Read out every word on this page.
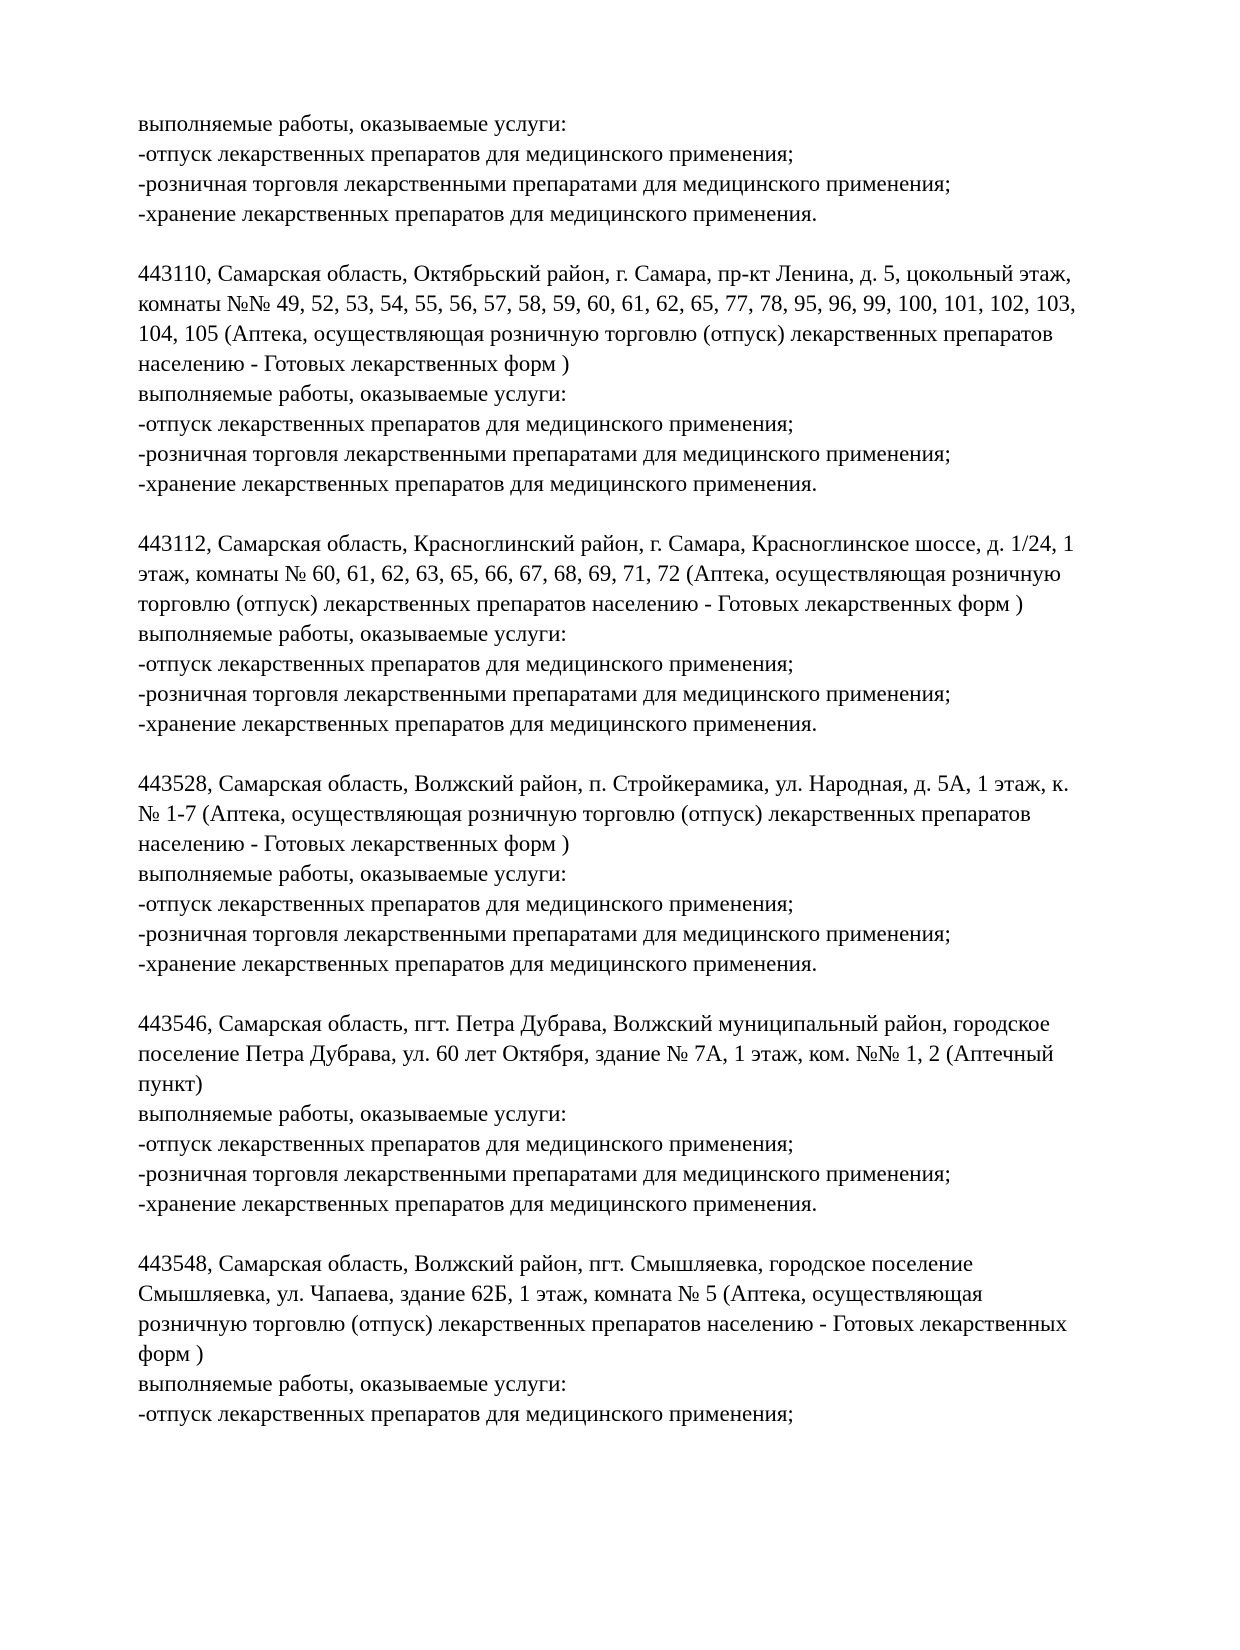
выполняемые работы, оказываемые услуги:
-отпуск лекарственных препаратов для медицинского применения;
-розничная торговля лекарственными препаратами для медицинского применения;
-хранение лекарственных препаратов для медицинского применения.
443110, Самарская область, Октябрьский район, г. Самара, пр-кт Ленина, д. 5, цокольный этаж,
комнаты №№ 49, 52, 53, 54, 55, 56, 57, 58, 59, 60, 61, 62, 65, 77, 78, 95, 96, 99, 100, 101, 102, 103,
104, 105 (Аптека, осуществляющая розничную торговлю (отпуск) лекарственных препаратов
населению - Готовых лекарственных форм )
выполняемые работы, оказываемые услуги:
-отпуск лекарственных препаратов для медицинского применения;
-розничная торговля лекарственными препаратами для медицинского применения;
-хранение лекарственных препаратов для медицинского применения.
443112, Самарская область, Красноглинский район, г. Самара, Красноглинское шоссе, д. 1/24, 1
этаж, комнаты № 60, 61, 62, 63, 65, 66, 67, 68, 69, 71, 72 (Аптека, осуществляющая розничную
торговлю (отпуск) лекарственных препаратов населению - Готовых лекарственных форм )
выполняемые работы, оказываемые услуги:
-отпуск лекарственных препаратов для медицинского применения;
-розничная торговля лекарственными препаратами для медицинского применения;
-хранение лекарственных препаратов для медицинского применения.
443528, Самарская область, Волжский район, п. Стройкерамика, ул. Народная, д. 5А, 1 этаж, к.
№ 1-7 (Аптека, осуществляющая розничную торговлю (отпуск) лекарственных препаратов
населению - Готовых лекарственных форм )
выполняемые работы, оказываемые услуги:
-отпуск лекарственных препаратов для медицинского применения;
-розничная торговля лекарственными препаратами для медицинского применения;
-хранение лекарственных препаратов для медицинского применения.
443546, Самарская область, пгт. Петра Дубрава, Волжский муниципальный район, городское
поселение Петра Дубрава, ул. 60 лет Октября, здание № 7А, 1 этаж, ком. №№ 1, 2 (Аптечный
пункт)
выполняемые работы, оказываемые услуги:
-отпуск лекарственных препаратов для медицинского применения;
-розничная торговля лекарственными препаратами для медицинского применения;
-хранение лекарственных препаратов для медицинского применения.
443548, Самарская область, Волжский район, пгт. Смышляевка, городское поселение
Смышляевка, ул. Чапаева, здание 62Б, 1 этаж, комната № 5 (Аптека, осуществляющая
розничную торговлю (отпуск) лекарственных препаратов населению - Готовых лекарственных
форм )
выполняемые работы, оказываемые услуги:
-отпуск лекарственных препаратов для медицинского применения;
